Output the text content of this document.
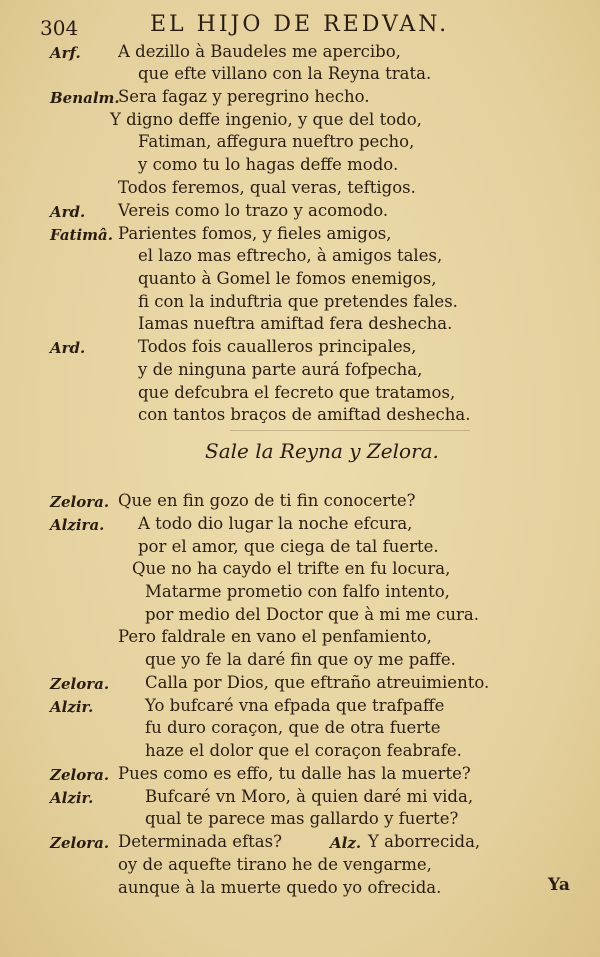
304	EL HIJO DE REDVAN.
Arf. A dezillo à Baudeles me apercibo,
que efte villano con la Reyna trata.
Benalm.
Sera fagaz y peregrino hecho.
Y digno deffe ingenio, y que del todo,
Fatiman, affegura nueftro pecho,
y como tu lo hagas deffe modo.
Todos feremos, qual veras, teftigos.
Ard. Vereis como lo trazo y acomodo.
Fatimâ. Parientes fomos, y fieles amigos,
el lazo mas eftrecho, à amigos tales,
quanto à Gomel le fomos enemigos,
fi con la induftria que pretendes fales.
Iamas nueftra amiftad fera deshecha.
Ard.	Todos fois caualleros principales,
y de ninguna parte aurá fofpecha,
que defcubra el fecreto que tratamos,
con tantos braços de amiftad deshecha.
Zelora. Que en fin gozo de ti fin conocerte?
Alzira. A todo dio lugar la noche efcura,
por el amor, que ciega de tal fuerte.
Que no ha caydo el trifte en fu locura,
Matarme prometio con falfo intento,
por medio del Doctor que à mi me cura.
Pero faldrale en vano el penfamiento,
que yo fe la daré fin que oy me paffe.
Zelora. Calla por Dios, que eftraño atreuimiento.
Alzir.	Yo bufcaré vna efpada que trafpaffe
fu duro coraçon, que de otra fuerte
haze el dolor que el coraçon feabrafe.
Zelora. Pues como es effo, tu dalle has la muerte?
Alzir.	Bufcaré vn Moro, à quien daré mi vida,
qual te parece mas gallardo y fuerte?
Zelora. Determinada eftas?
oy de aquefte tirano he de vengarme,
aunque à la muerte quedo yo ofrecida.
Alz. Y aborrecida,
Sale la Reyna y Zelora.
Ya
